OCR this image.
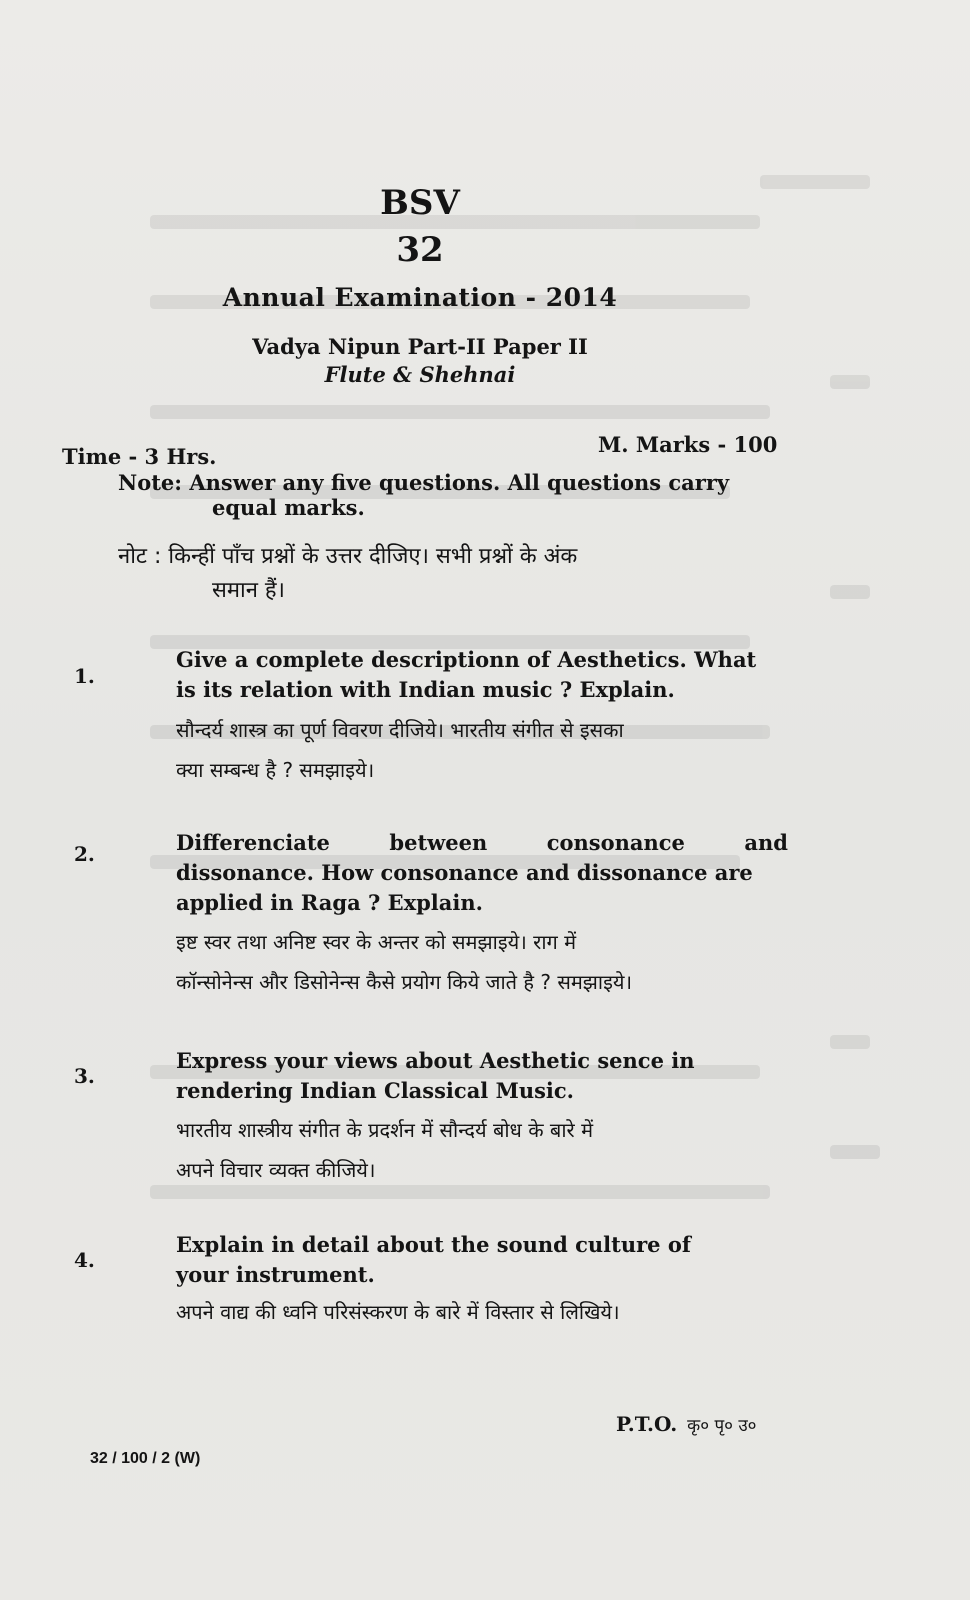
BSV
32
Annual Examination - 2014
Vadya Nipun Part-II Paper II
Flute & Shehnai
Time - 3 Hrs.	M. Marks - 100
Note: Answer any five questions. All questions carry
equal marks.
नोट : किन्हीं पाँच प्रश्नों के उत्तर दीजिए। सभी प्रश्नों के अंक
समान हैं।
1.
Give a complete descriptionn of Aesthetics. What
is its relation with Indian music ? Explain.
सौन्दर्य शास्त्र का पूर्ण विवरण दीजिये। भारतीय संगीत से इसका
क्या सम्बन्ध है ? समझाइये।
2.	Differenciate between consonance and
dissonance. How consonance and dissonance are
applied in Raga ? Explain.
इष्ट स्वर तथा अनिष्ट स्वर के अन्तर को समझाइये। राग में
कॉन्सोनेन्स और डिसोनेन्स कैसे प्रयोग किये जाते है ? समझाइये।
3.
Express your views about Aesthetic sence in
rendering Indian Classical Music.
भारतीय शास्त्रीय संगीत के प्रदर्शन में सौन्दर्य बोध के बारे में
अपने विचार व्यक्त कीजिये।
4.
Explain in detail about the sound culture of
your instrument.
अपने वाद्य की ध्वनि परिसंस्करण के बारे में विस्तार से लिखिये।
32 / 100 / 2 (W)
P.T.O. कृ० पृ० उ०
